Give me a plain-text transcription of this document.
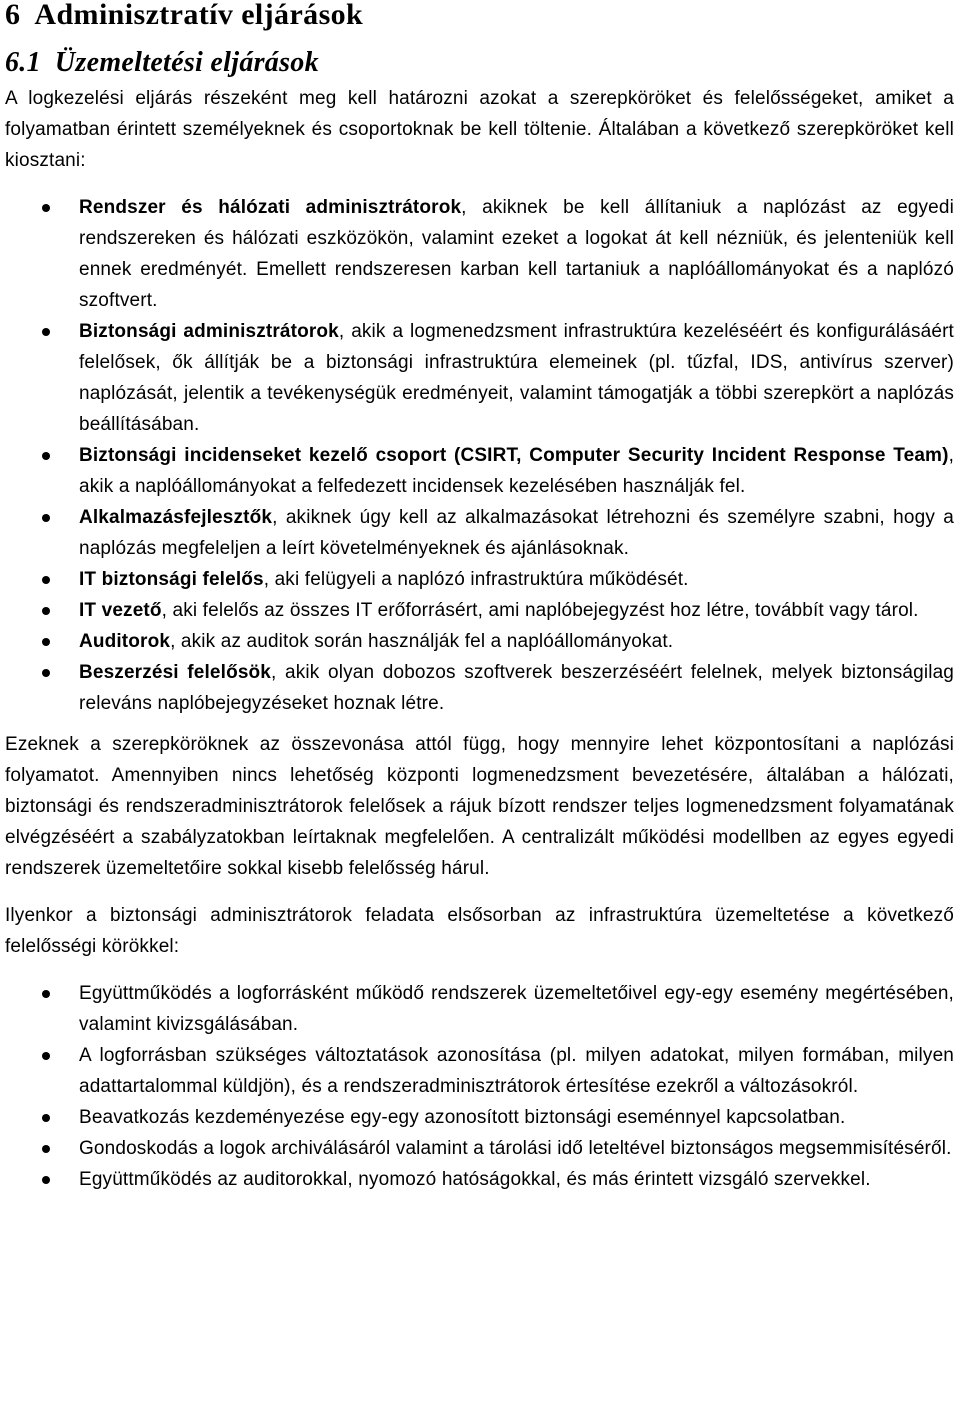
6 Adminisztratív eljárások
6.1 Üzemeltetési eljárások

A logkezelési eljárás részeként meg kell határozni azokat a szerepköröket és felelősségeket, amiket a folyamatban érintett személyeknek és csoportoknak be kell töltenie. Általában a következő szerepköröket kell kiosztani:

Rendszer és hálózati adminisztrátorok, akiknek be kell állítaniuk a naplózást az egyedi rendszereken és hálózati eszközökön, valamint ezeket a logokat át kell nézniük, és jelenteniük kell ennek eredményét. Emellett rendszeresen karban kell tartaniuk a naplóállományokat és a naplózó szoftvert.
Biztonsági adminisztrátorok, akik a logmenedzsment infrastruktúra kezeléséért és konfigurálásáért felelősek, ők állítják be a biztonsági infrastruktúra elemeinek (pl. tűzfal, IDS, antivírus szerver) naplózását, jelentik a tevékenységük eredményeit, valamint támogatják a többi szerepkört a naplózás beállításában.
Biztonsági incidenseket kezelő csoport (CSIRT, Computer Security Incident Response Team), akik a naplóállományokat a felfedezett incidensek kezelésében használják fel.
Alkalmazásfejlesztők, akiknek úgy kell az alkalmazásokat létrehozni és személyre szabni, hogy a naplózás megfeleljen a leírt követelményeknek és ajánlásoknak.
IT biztonsági felelős, aki felügyeli a naplózó infrastruktúra működését.
IT vezető, aki felelős az összes IT erőforrásért, ami naplóbejegyzést hoz létre, továbbít vagy tárol.
Auditorok, akik az auditok során használják fel a naplóállományokat.
Beszerzési felelősök, akik olyan dobozos szoftverek beszerzéséért felelnek, melyek biztonságilag releváns naplóbejegyzéseket hoznak létre.

Ezeknek a szerepköröknek az összevonása attól függ, hogy mennyire lehet központosítani a naplózási folyamatot. Amennyiben nincs lehetőség központi logmenedzsment bevezetésére, általában a hálózati, biztonsági és rendszeradminisztrátorok felelősek a rájuk bízott rendszer teljes logmenedzsment folyamatának elvégzéséért a szabályzatokban leírtaknak megfelelően. A centralizált működési modellben az egyes egyedi rendszerek üzemeltetőire sokkal kisebb felelősség hárul.

Ilyenkor a biztonsági adminisztrátorok feladata elsősorban az infrastruktúra üzemeltetése a következő felelősségi körökkel:

Együttműködés a logforrásként működő rendszerek üzemeltetőivel egy-egy esemény megértésében, valamint kivizsgálásában.
A logforrásban szükséges változtatások azonosítása (pl. milyen adatokat, milyen formában, milyen adattartalommal küldjön), és a rendszeradminisztrátorok értesítése ezekről a változásokról.
Beavatkozás kezdeményezése egy-egy azonosított biztonsági eseménnyel kapcsolatban.
Gondoskodás a logok archiválásáról valamint a tárolási idő leteltével biztonságos megsemmisítéséről.
Együttműködés az auditorokkal, nyomozó hatóságokkal, és más érintett vizsgáló szervekkel.
